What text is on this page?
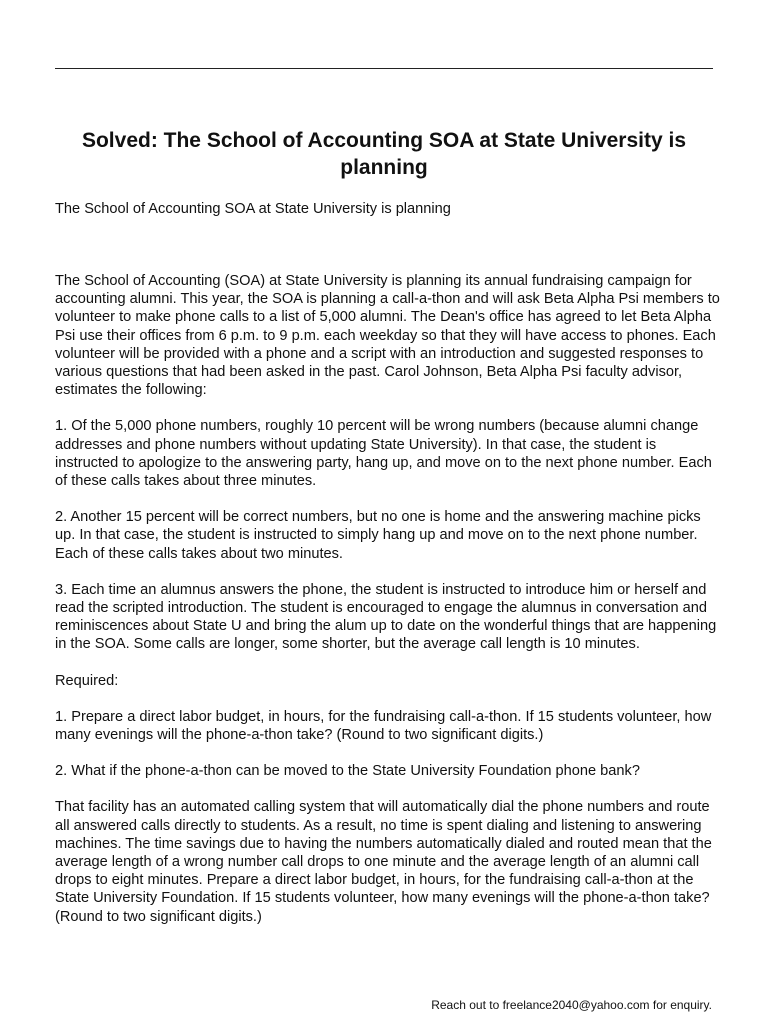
Solved: The School of Accounting SOA at State University is planning

The School of Accounting SOA at State University is planning

The School of Accounting (SOA) at State University is planning its annual fundraising campaign for accounting alumni. This year, the SOA is planning a call-a-thon and will ask Beta Alpha Psi members to volunteer to make phone calls to a list of 5,000 alumni. The Dean's office has agreed to let Beta Alpha Psi use their offices from 6 p.m. to 9 p.m. each weekday so that they will have access to phones. Each volunteer will be provided with a phone and a script with an introduction and suggested responses to various questions that had been asked in the past. Carol Johnson, Beta Alpha Psi faculty advisor, estimates the following:

1. Of the 5,000 phone numbers, roughly 10 percent will be wrong numbers (because alumni change addresses and phone numbers without updating State University). In that case, the student is instructed to apologize to the answering party, hang up, and move on to the next phone number. Each of these calls takes about three minutes.

2. Another 15 percent will be correct numbers, but no one is home and the answering machine picks up. In that case, the student is instructed to simply hang up and move on to the next phone number. Each of these calls takes about two minutes.

3. Each time an alumnus answers the phone, the student is instructed to introduce him or herself and read the scripted introduction. The student is encouraged to engage the alumnus in conversation and reminiscences about State U and bring the alum up to date on the wonderful things that are happening in the SOA. Some calls are longer, some shorter, but the average call length is 10 minutes.

Required:

1. Prepare a direct labor budget, in hours, for the fundraising call-a-thon. If 15 students volunteer, how many evenings will the phone-a-thon take? (Round to two significant digits.)

2. What if the phone-a-thon can be moved to the State University Foundation phone bank?

That facility has an automated calling system that will automatically dial the phone numbers and route all answered calls directly to students. As a result, no time is spent dialing and listening to answering machines. The time savings due to having the numbers automatically dialed and routed mean that the average length of a wrong number call drops to one minute and the average length of an alumni call drops to eight minutes. Prepare a direct labor budget, in hours, for the fundraising call-a-thon at the State University Foundation. If 15 students volunteer, how many evenings will the phone-a-thon take? (Round to two significant digits.)

Reach out to freelance2040@yahoo.com for enquiry.
